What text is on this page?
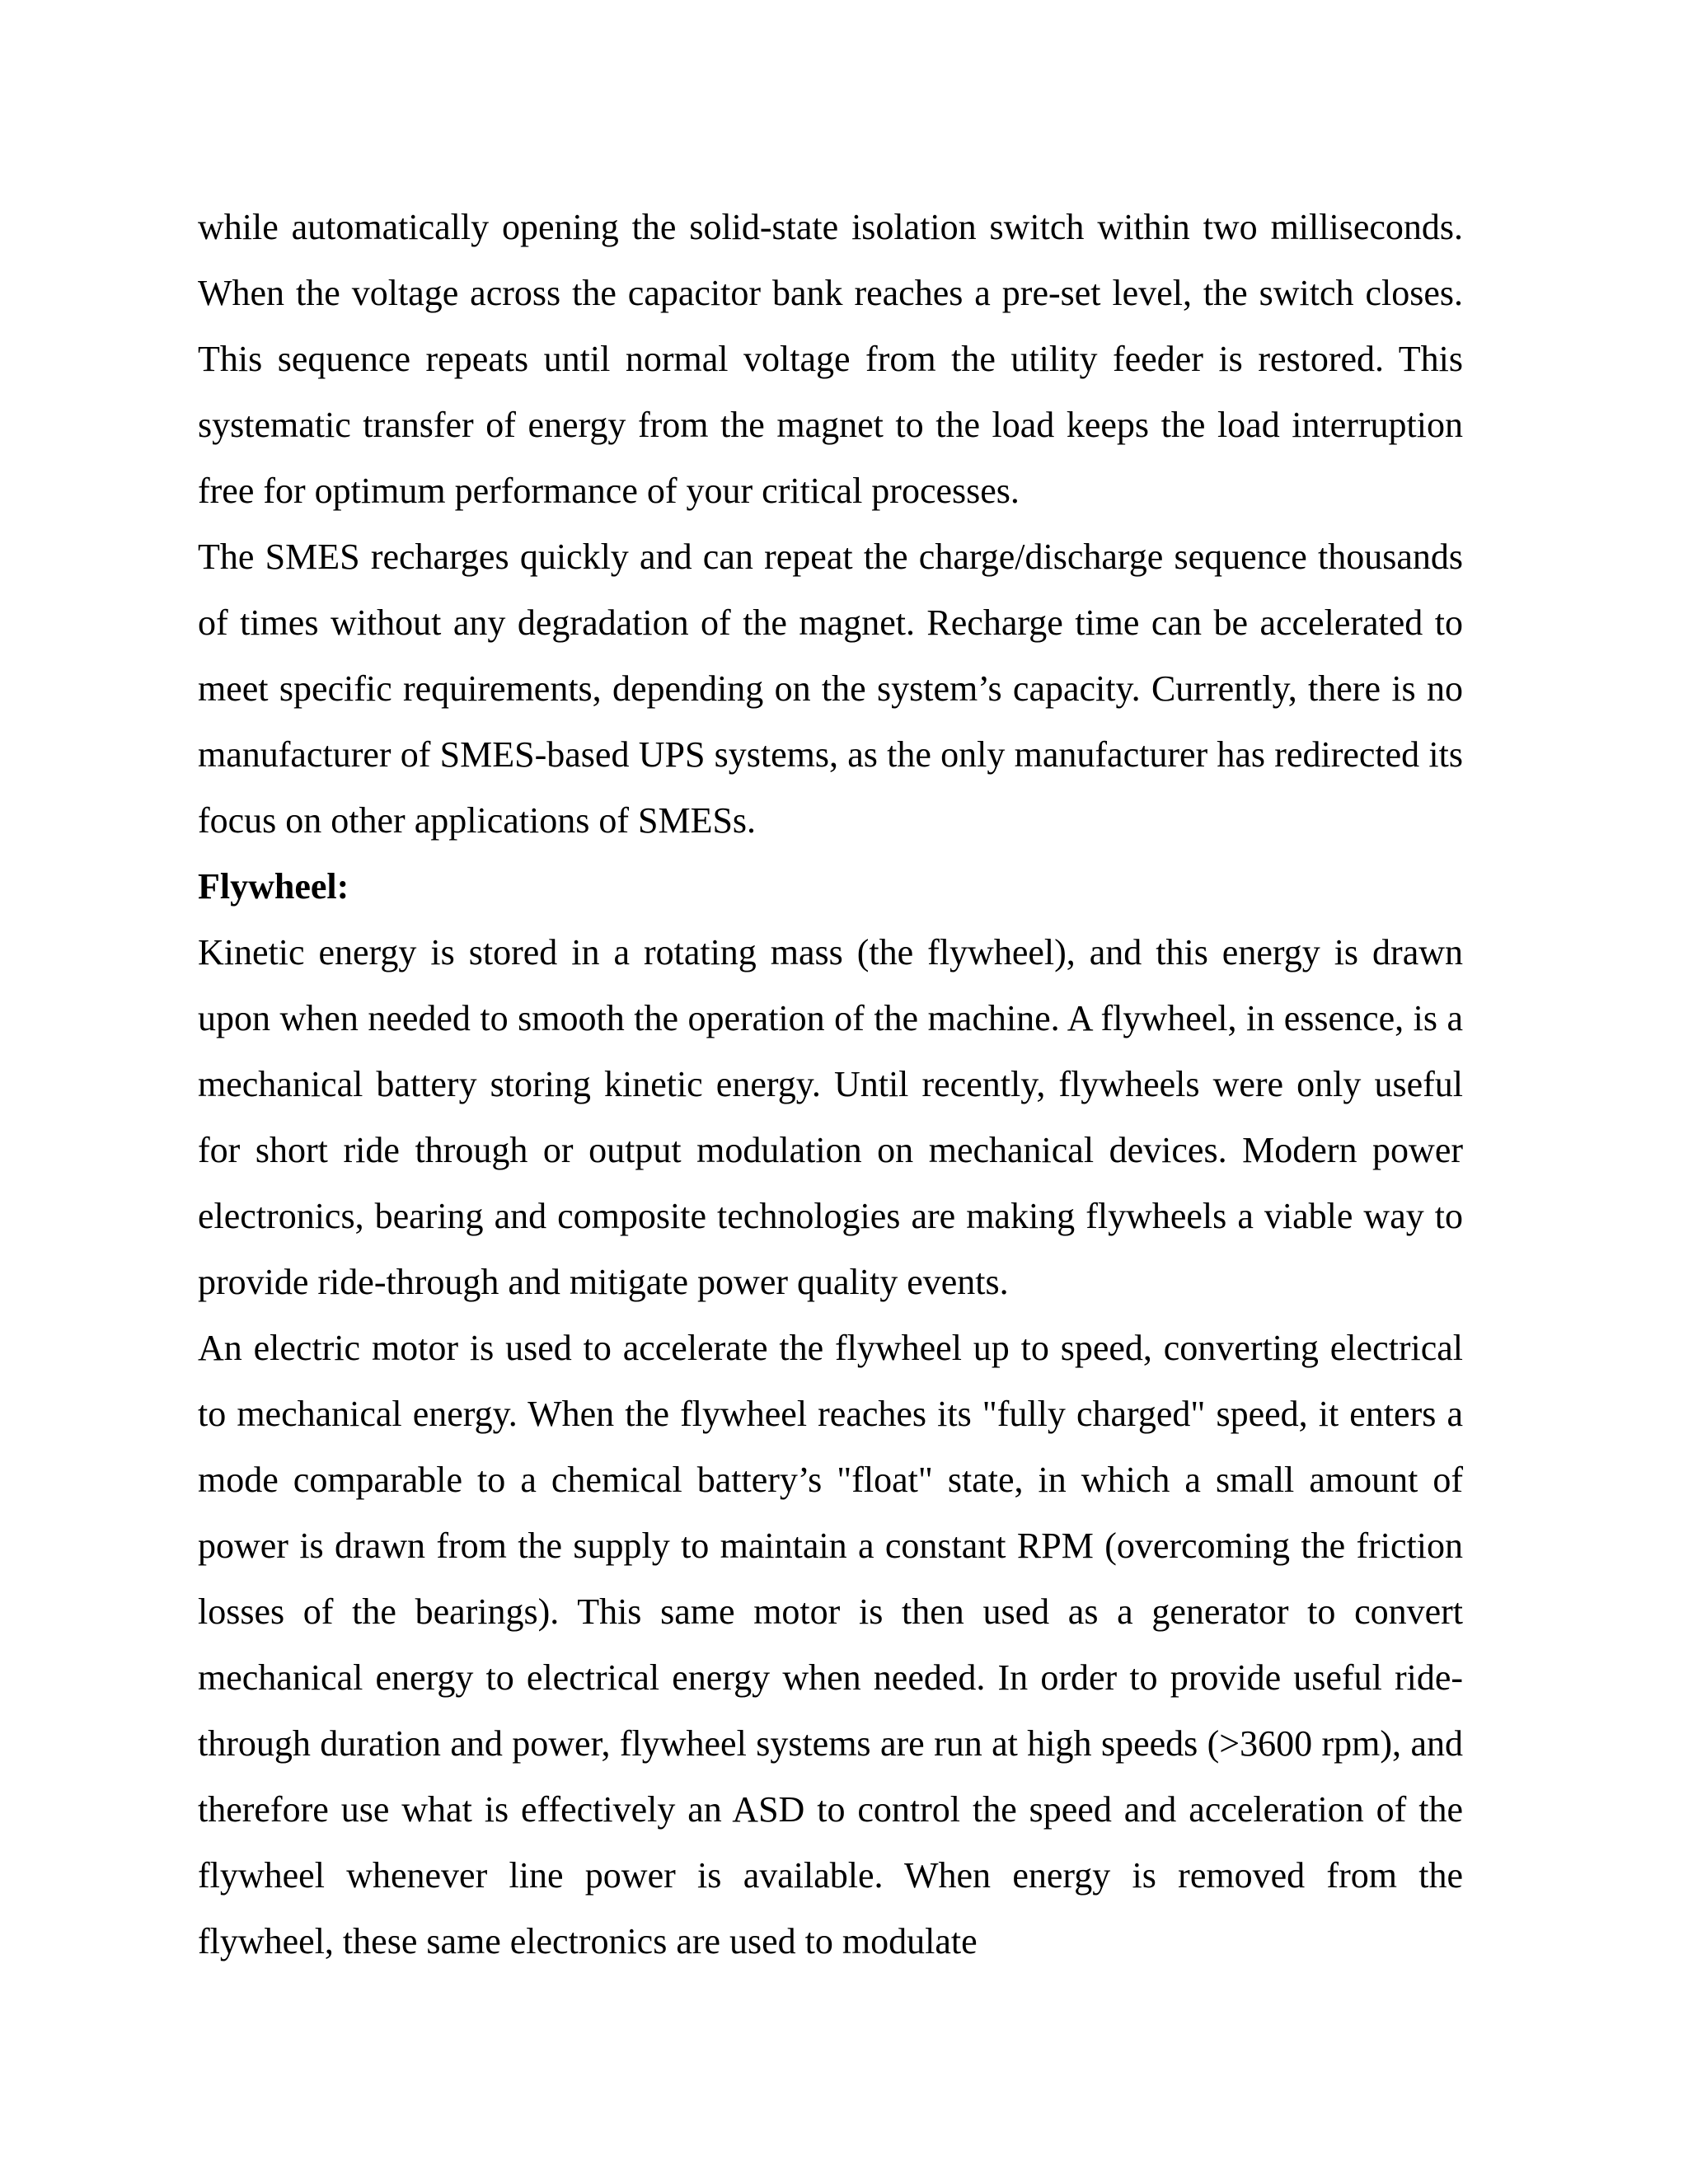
while automatically opening the solid-state isolation switch within two milliseconds. When the voltage across the capacitor bank reaches a pre-set level, the switch closes. This sequence repeats until normal voltage from the utility feeder is restored. This systematic transfer of energy from the magnet to the load keeps the load interruption free for optimum performance of your critical processes.

The SMES recharges quickly and can repeat the charge/discharge sequence thousands of times without any degradation of the magnet. Recharge time can be accelerated to meet specific requirements, depending on the system’s capacity. Currently, there is no manufacturer of SMES-based UPS systems, as the only manufacturer has redirected its focus on other applications of SMESs.

Flywheel:

Kinetic energy is stored in a rotating mass (the flywheel), and this energy is drawn upon when needed to smooth the operation of the machine. A flywheel, in essence, is a mechanical battery storing kinetic energy. Until recently, flywheels were only useful for short ride through or output modulation on mechanical devices. Modern power electronics, bearing and composite technologies are making flywheels a viable way to provide ride-through and mitigate power quality events.

An electric motor is used to accelerate the flywheel up to speed, converting electrical to mechanical energy. When the flywheel reaches its "fully charged" speed, it enters a mode comparable to a chemical battery’s "float" state, in which a small amount of power is drawn from the supply to maintain a constant RPM (overcoming the friction losses of the bearings). This same motor is then used as a generator to convert mechanical energy to electrical energy when needed. In order to provide useful ride-through duration and power, flywheel systems are run at high speeds (>3600 rpm), and therefore use what is effectively an ASD to control the speed and acceleration of the flywheel whenever line power is available. When energy is removed from the flywheel, these same electronics are used to modulate
